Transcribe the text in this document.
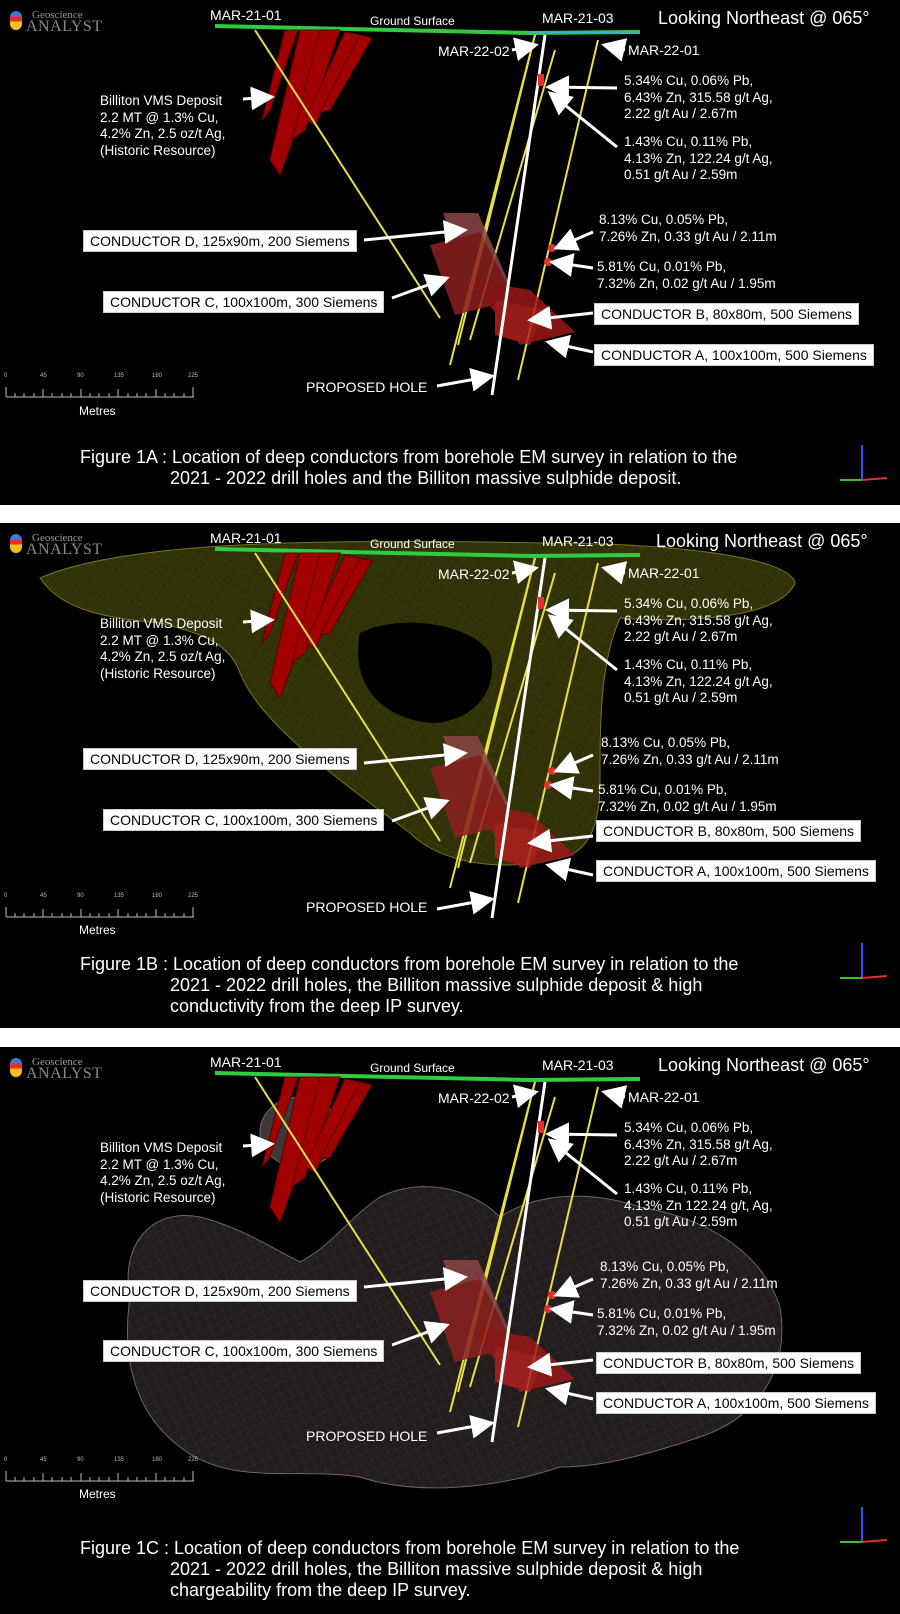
Geoscience
ANALYST
MAR-21-01	Ground Surface	MAR-21-03 Looking Northeast @ 065°
MAR-22-02	MAR-22-01
Billiton VMS Deposit
2.2 MT @ 1.3% Cu,
4.2% Zn, 2.5 oz/t Ag,
(Historic Resource)
5.34% Cu, 0.06% Pb,
6.43% Zn, 315.58 g/t Ag,
2.22 g/t Au / 2.67m
1.43% Cu, 0.11% Pb,
4.13% Zn, 122.24 g/t Ag,
0.51 g/t Au / 2.59m
8.13% Cu, 0.05% Pb,
7.26% Zn, 0.33 g/t Au / 2.11m
5.81% Cu, 0.01% Pb,
7.32% Zn, 0.02 g/t Au / 1.95m
CONDUCTOR D, 125x90m, 200 Siemens
CONDUCTOR C, 100x100m, 300 Siemens
CONDUCTOR B, 80x80m, 500 Siemens
CONDUCTOR A, 100x100m, 500 Siemens
PROPOSED HOLE
0	45	90	135	180	225
Metres
Figure 1A : Location of deep conductors from borehole EM survey in relation to the
2021 - 2022 drill holes and the Billiton massive sulphide deposit.
Geoscience
ANALYST
MAR-21-01	Ground Surface	MAR-21-03 Looking Northeast @ 065°
MAR-22-02	MAR-22-01
Billiton VMS Deposit
2.2 MT @ 1.3% Cu,
4.2% Zn, 2.5 oz/t Ag,
(Historic Resource)
5.34% Cu, 0.06% Pb,
6.43% Zn, 315.58 g/t Ag,
2.22 g/t Au / 2.67m
1.43% Cu, 0.11% Pb,
4.13% Zn, 122.24 g/t Ag,
0.51 g/t Au / 2.59m
8.13% Cu, 0.05% Pb,
7.26% Zn, 0.33 g/t Au / 2.11m
5.81% Cu, 0.01% Pb,
7.32% Zn, 0.02 g/t Au / 1.95m
CONDUCTOR D, 125x90m, 200 Siemens
CONDUCTOR C, 100x100m, 300 Siemens
CONDUCTOR B, 80x80m, 500 Siemens
CONDUCTOR A, 100x100m, 500 Siemens
PROPOSED HOLE
0	45	90	135	180	225
Metres
Figure 1B : Location of deep conductors from borehole EM survey in relation to the
2021 - 2022 drill holes, the Billiton massive sulphide deposit & high
conductivity from the deep IP survey.
Geoscience
ANALYST
MAR-21-01	Ground Surface	MAR-21-03 Looking Northeast @ 065°
MAR-22-02	MAR-22-01
Billiton VMS Deposit
2.2 MT @ 1.3% Cu,
4.2% Zn, 2.5 oz/t Ag,
(Historic Resource)
5.34% Cu, 0.06% Pb,
6.43% Zn, 315.58 g/t Ag,
2.22 g/t Au / 2.67m
1.43% Cu, 0.11% Pb,
4.13% Zn 122.24 g/t, Ag,
0.51 g/t Au / 2.59m
8.13% Cu, 0.05% Pb,
7.26% Zn, 0.33 g/t Au / 2.11m
5.81% Cu, 0.01% Pb,
7.32% Zn, 0.02 g/t Au / 1.95m
CONDUCTOR D, 125x90m, 200 Siemens
CONDUCTOR C, 100x100m, 300 Siemens
CONDUCTOR B, 80x80m, 500 Siemens
CONDUCTOR A, 100x100m, 500 Siemens
PROPOSED HOLE
0	45	90	135	180	225
Metres
Figure 1C : Location of deep conductors from borehole EM survey in relation to the
2021 - 2022 drill holes, the Billiton massive sulphide deposit & high
chargeability from the deep IP survey.
